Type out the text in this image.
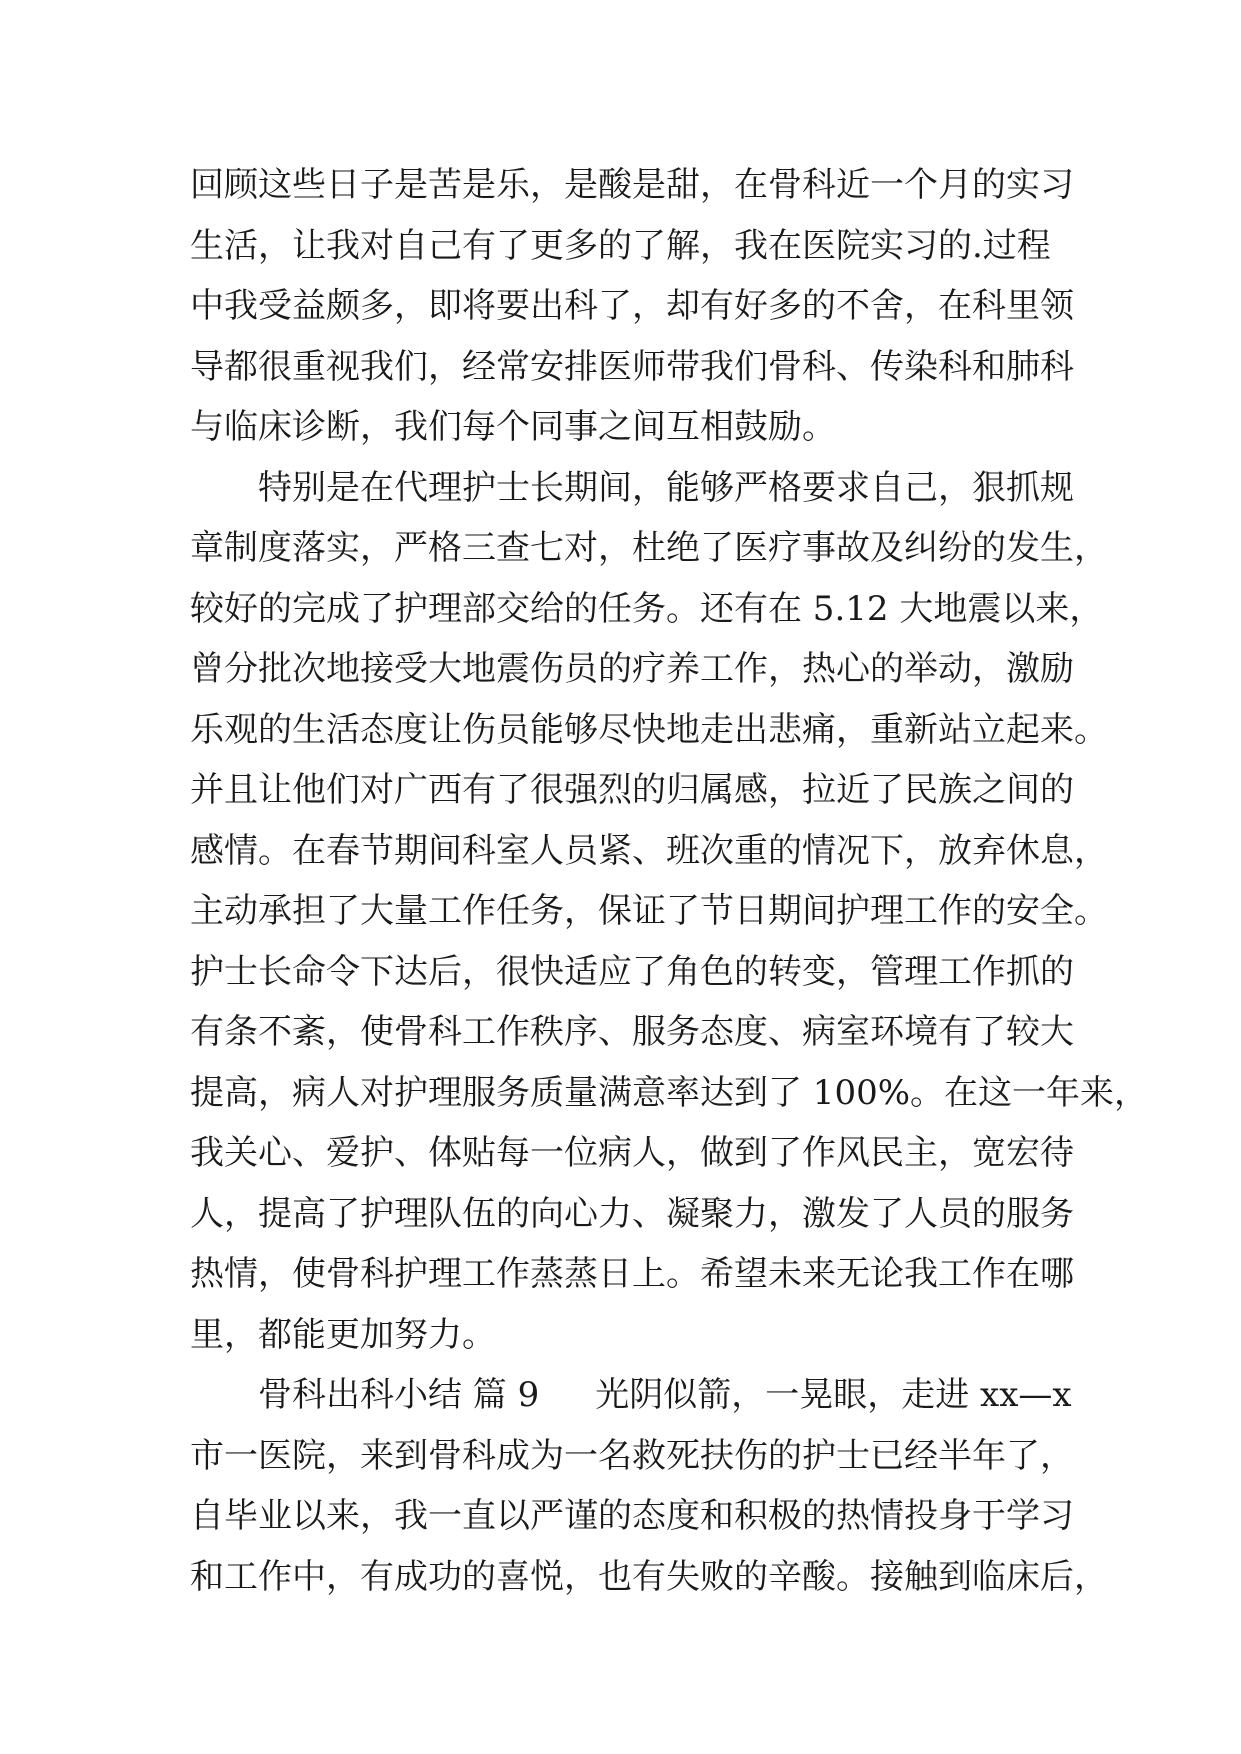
回顾这些日子是苦是乐，是酸是甜，在骨科近一个月的实习
生活，让我对自己有了更多的了解，我在医院实习的.过程
中我受益颇多，即将要出科了，却有好多的不舍，在科里领
导都很重视我们，经常安排医师带我们骨科、传染科和肺科
与临床诊断，我们每个同事之间互相鼓励。
特别是在代理护士长期间，能够严格要求自己，狠抓规
章制度落实，严格三查七对，杜绝了医疗事故及纠纷的发生，
较好的完成了护理部交给的任务。还有在 5.12 大地震以来，
曾分批次地接受大地震伤员的疗养工作，热心的举动，激励
乐观的生活态度让伤员能够尽快地走出悲痛，重新站立起来。
并且让他们对广西有了很强烈的归属感，拉近了民族之间的
感情。在春节期间科室人员紧、班次重的情况下，放弃休息，
主动承担了大量工作任务，保证了节日期间护理工作的安全。
护士长命令下达后，很快适应了角色的转变，管理工作抓的
有条不紊，使骨科工作秩序、服务态度、病室环境有了较大
提高，病人对护理服务质量满意率达到了 100%。在这一年来，
我关心、爱护、体贴每一位病人，做到了作风民主，宽宏待
人，提高了护理队伍的向心力、凝聚力，激发了人员的服务
热情，使骨科护理工作蒸蒸日上。希望未来无论我工作在哪
里，都能更加努力。
骨科出科小结 篇 9 光阴似箭，一晃眼，走进 xx—x
市一医院，来到骨科成为一名救死扶伤的护士已经半年了，
自毕业以来，我一直以严谨的态度和积极的热情投身于学习
和工作中，有成功的喜悦，也有失败的辛酸。接触到临床后，
